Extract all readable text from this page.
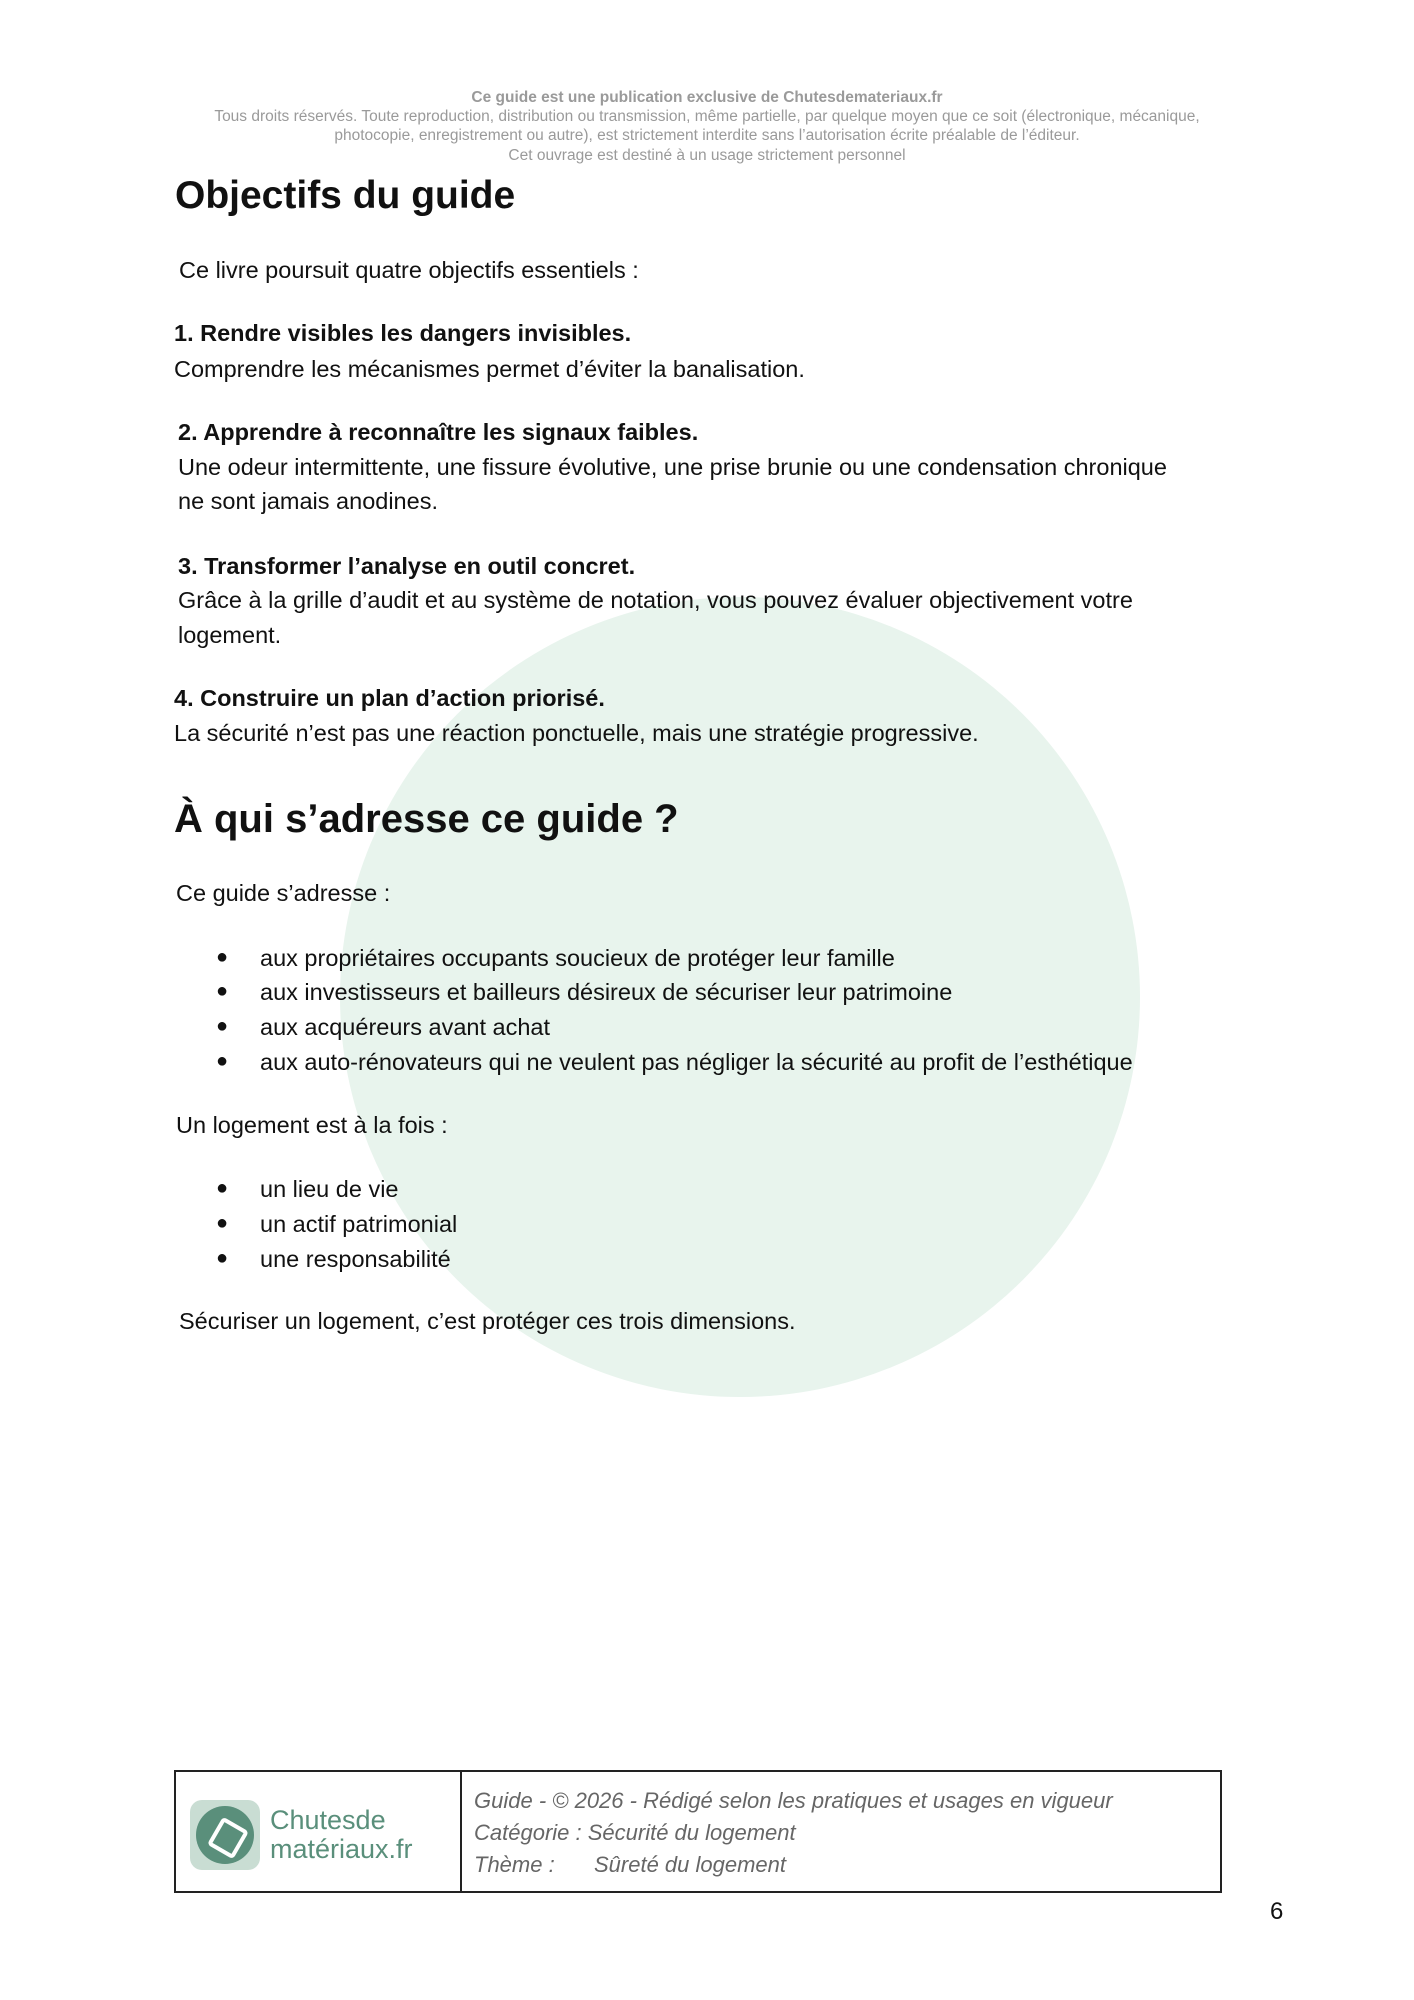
Ce guide est une publication exclusive de Chutesdemateriaux.fr
Tous droits réservés. Toute reproduction, distribution ou transmission, même partielle, par quelque moyen que ce soit (électronique, mécanique,
photocopie, enregistrement ou autre), est strictement interdite sans l’autorisation écrite préalable de l’éditeur.
Cet ouvrage est destiné à un usage strictement personnel
Objectifs du guide
Ce livre poursuit quatre objectifs essentiels :
1. Rendre visibles les dangers invisibles.
Comprendre les mécanismes permet d’éviter la banalisation.
2. Apprendre à reconnaître les signaux faibles.
Une odeur intermittente, une fissure évolutive, une prise brunie ou une condensation chronique
ne sont jamais anodines.
3. Transformer l’analyse en outil concret.
Grâce à la grille d’audit et au système de notation, vous pouvez évaluer objectivement votre
logement.
4. Construire un plan d’action priorisé.
La sécurité n’est pas une réaction ponctuelle, mais une stratégie progressive.
À qui s’adresse ce guide ?
Ce guide s’adresse :
● aux propriétaires occupants soucieux de protéger leur famille
● aux investisseurs et bailleurs désireux de sécuriser leur patrimoine
● aux acquéreurs avant achat
● aux auto-rénovateurs qui ne veulent pas négliger la sécurité au profit de l’esthétique
Un logement est à la fois :
● un lieu de vie
● un actif patrimonial
● une responsabilité
Sécuriser un logement, c’est protéger ces trois dimensions.
Chutesde
matériaux.fr
Guide - © 2026 - Rédigé selon les pratiques et usages en vigueur
Catégorie : Sécurité du logement
Thème : Sûreté du logement
6
